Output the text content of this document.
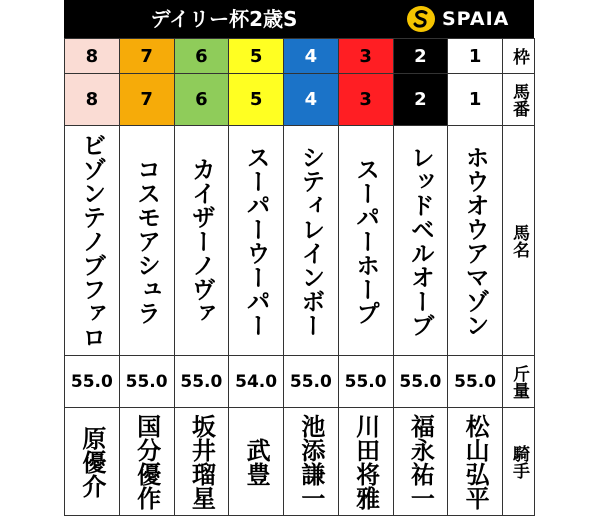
デイリー杯2歳S	SPAIA
8	7	6	5	4	3	2	1	枠

8	7	6	5	4	3	2	1	馬番

ビゾンテノブファロ	コスモアシュラ	カイザーノヴァ	スーパーウーパー	シティレインボー	スーパーホープ	レッドベルオーブ	ホウオウアマゾン	馬名

55.0	55.0	55.0	54.0	55.0	55.0	55.0	55.0	斤量

原優介	国分優作	坂井瑠星	武豊	池添謙一	川田将雅	福永祐一	松山弘平	騎手
